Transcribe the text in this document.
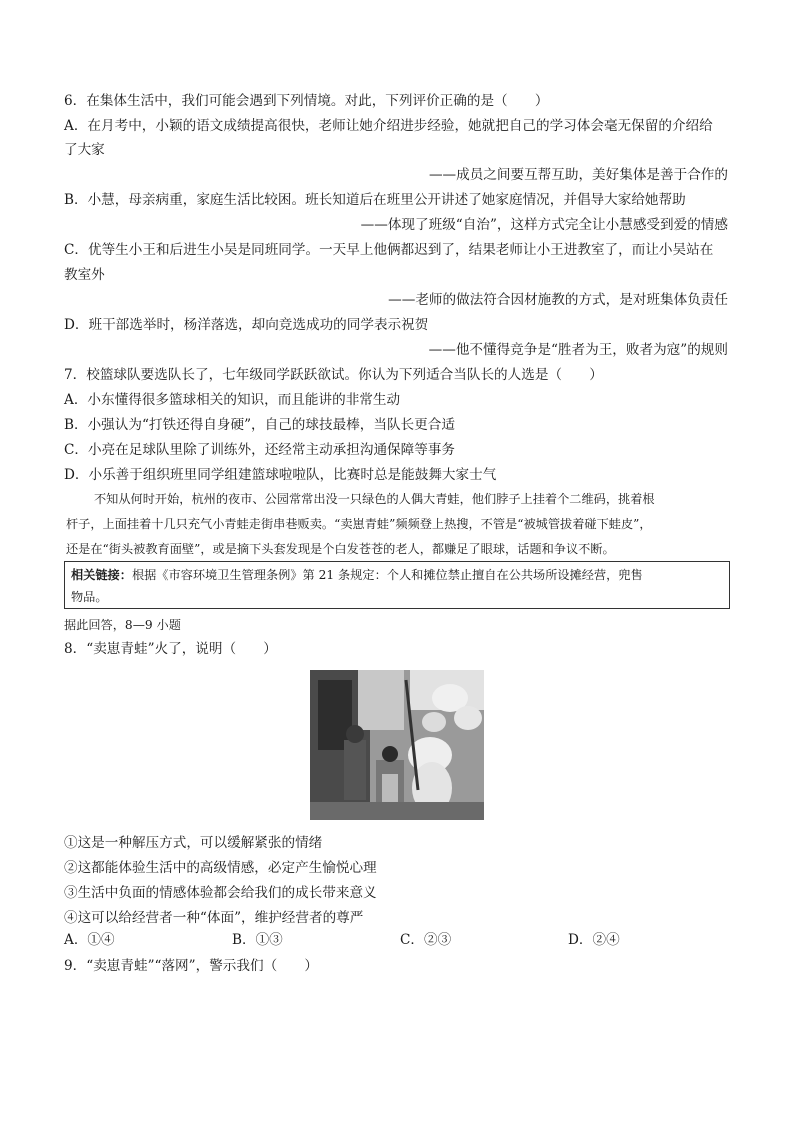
6．在集体生活中，我们可能会遇到下列情境。对此，下列评价正确的是（　　）
A．在月考中，小颖的语文成绩提高很快，老师让她介绍进步经验，她就把自己的学习体会毫无保留的介绍给
了大家
——成员之间要互帮互助，美好集体是善于合作的
B．小慧，母亲病重，家庭生活比较困。班长知道后在班里公开讲述了她家庭情况，并倡导大家给她帮助
——体现了班级“自治”，这样方式完全让小慧感受到爱的情感
C．优等生小王和后进生小吴是同班同学。一天早上他俩都迟到了，结果老师让小王进教室了，而让小吴站在
教室外
——老师的做法符合因材施教的方式，是对班集体负责任
D．班干部选举时，杨洋落选，却向竞选成功的同学表示祝贺
——他不懂得竞争是“胜者为王，败者为寇”的规则
7．校篮球队要选队长了，七年级同学跃跃欲试。你认为下列适合当队长的人选是（　　）
A．小东懂得很多篮球相关的知识，而且能讲的非常生动
B．小强认为“打铁还得自身硬”，自己的球技最棒，当队长更合适
C．小亮在足球队里除了训练外，还经常主动承担沟通保障等事务
D．小乐善于组织班里同学组建篮球啦啦队，比赛时总是能鼓舞大家士气
不知从何时开始，杭州的夜市、公园常常出没一只绿色的人偶大青蛙，他们脖子上挂着个二维码，挑着根
杆子，上面挂着十几只充气小青蛙走街串巷贩卖。“卖崽青蛙”频频登上热搜，不管是“被城管拔着碰下蛙皮”，
还是在“街头被教育面壁”，或是摘下头套发现是个白发苍苍的老人，都赚足了眼球，话题和争议不断。
相关链接：根据《市容环境卫生管理条例》第 21 条规定：个人和摊位禁止擅自在公共场所设摊经营，兜售
物品。
据此回答，8—9 小题
8．“卖崽青蛙”火了，说明（　　）
①这是一种解压方式，可以缓解紧张的情绪
②这都能体验生活中的高级情感，必定产生愉悦心理
③生活中负面的情感体验都会给我们的成长带来意义
④这可以给经营者一种“体面”，维护经营者的尊严
A．①④	B．①③	C．②③	D．②④
9．“卖崽青蛙”“落网”，警示我们（　　）
